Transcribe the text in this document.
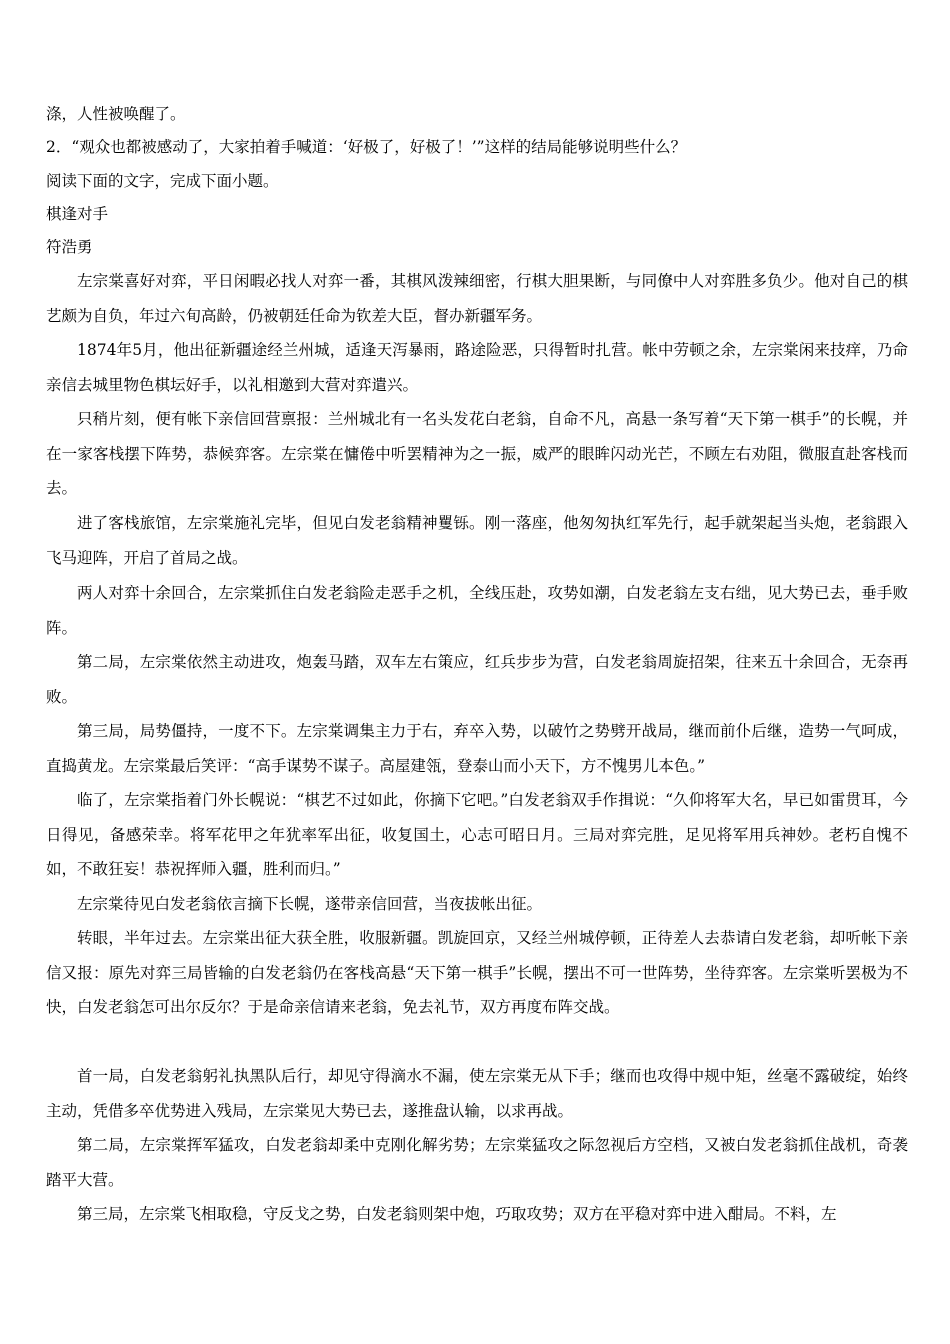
涤，人性被唤醒了。
2．“观众也都被感动了，大家拍着手喊道：‘好极了，好极了！’”这样的结局能够说明些什么？
阅读下面的文字，完成下面小题。
棋逢对手
符浩勇

左宗棠喜好对弈，平日闲暇必找人对弈一番，其棋风泼辣细密，行棋大胆果断，与同僚中人对弈胜多负少。他对自己的棋艺颇为自负，年过六旬高龄，仍被朝廷任命为钦差大臣，督办新疆军务。

1874年5月，他出征新疆途经兰州城，适逢天泻暴雨，路途险恶，只得暂时扎营。帐中劳顿之余，左宗棠闲来技痒，乃命亲信去城里物色棋坛好手，以礼相邀到大营对弈遣兴。

只稍片刻，便有帐下亲信回营禀报：兰州城北有一名头发花白老翁，自命不凡，高悬一条写着“天下第一棋手”的长幌，并在一家客栈摆下阵势，恭候弈客。左宗棠在慵倦中听罢精神为之一振，威严的眼眸闪动光芒，不顾左右劝阻，微服直赴客栈而去。

进了客栈旅馆，左宗棠施礼完毕，但见白发老翁精神矍铄。刚一落座，他匆匆执红军先行，起手就架起当头炮，老翁跟入飞马迎阵，开启了首局之战。

两人对弈十余回合，左宗棠抓住白发老翁险走恶手之机，全线压赴，攻势如潮，白发老翁左支右绌，见大势已去，垂手败阵。

第二局，左宗棠依然主动进攻，炮轰马踏，双车左右策应，红兵步步为营，白发老翁周旋招架，往来五十余回合，无奈再败。

第三局，局势僵持，一度不下。左宗棠调集主力于右，弃卒入势，以破竹之势劈开战局，继而前仆后继，造势一气呵成，直捣黄龙。左宗棠最后笑评：“高手谋势不谋子。高屋建瓴，登泰山而小天下，方不愧男儿本色。”

临了，左宗棠指着门外长幌说：“棋艺不过如此，你摘下它吧。”白发老翁双手作揖说：“久仰将军大名，早已如雷贯耳，今日得见，备感荣幸。将军花甲之年犹率军出征，收复国土，心志可昭日月。三局对弈完胜，足见将军用兵神妙。老朽自愧不如，不敢狂妄！恭祝挥师入疆，胜利而归。”

左宗棠待见白发老翁依言摘下长幌，遂带亲信回营，当夜拔帐出征。

转眼，半年过去。左宗棠出征大获全胜，收服新疆。凯旋回京，又经兰州城停顿，正待差人去恭请白发老翁，却听帐下亲信又报：原先对弈三局皆输的白发老翁仍在客栈高悬“天下第一棋手”长幌，摆出不可一世阵势，坐待弈客。左宗棠听罢极为不快，白发老翁怎可出尔反尔？于是命亲信请来老翁，免去礼节，双方再度布阵交战。

首一局，白发老翁躬礼执黑队后行，却见守得滴水不漏，使左宗棠无从下手；继而也攻得中规中矩，丝毫不露破绽，始终主动，凭借多卒优势进入残局，左宗棠见大势已去，遂推盘认输，以求再战。

第二局，左宗棠挥军猛攻，白发老翁却柔中克刚化解劣势；左宗棠猛攻之际忽视后方空档，又被白发老翁抓住战机，奇袭踏平大营。

第三局，左宗棠飞相取稳，守反戈之势，白发老翁则架中炮，巧取攻势；双方在平稳对弈中进入酣局。不料，左
